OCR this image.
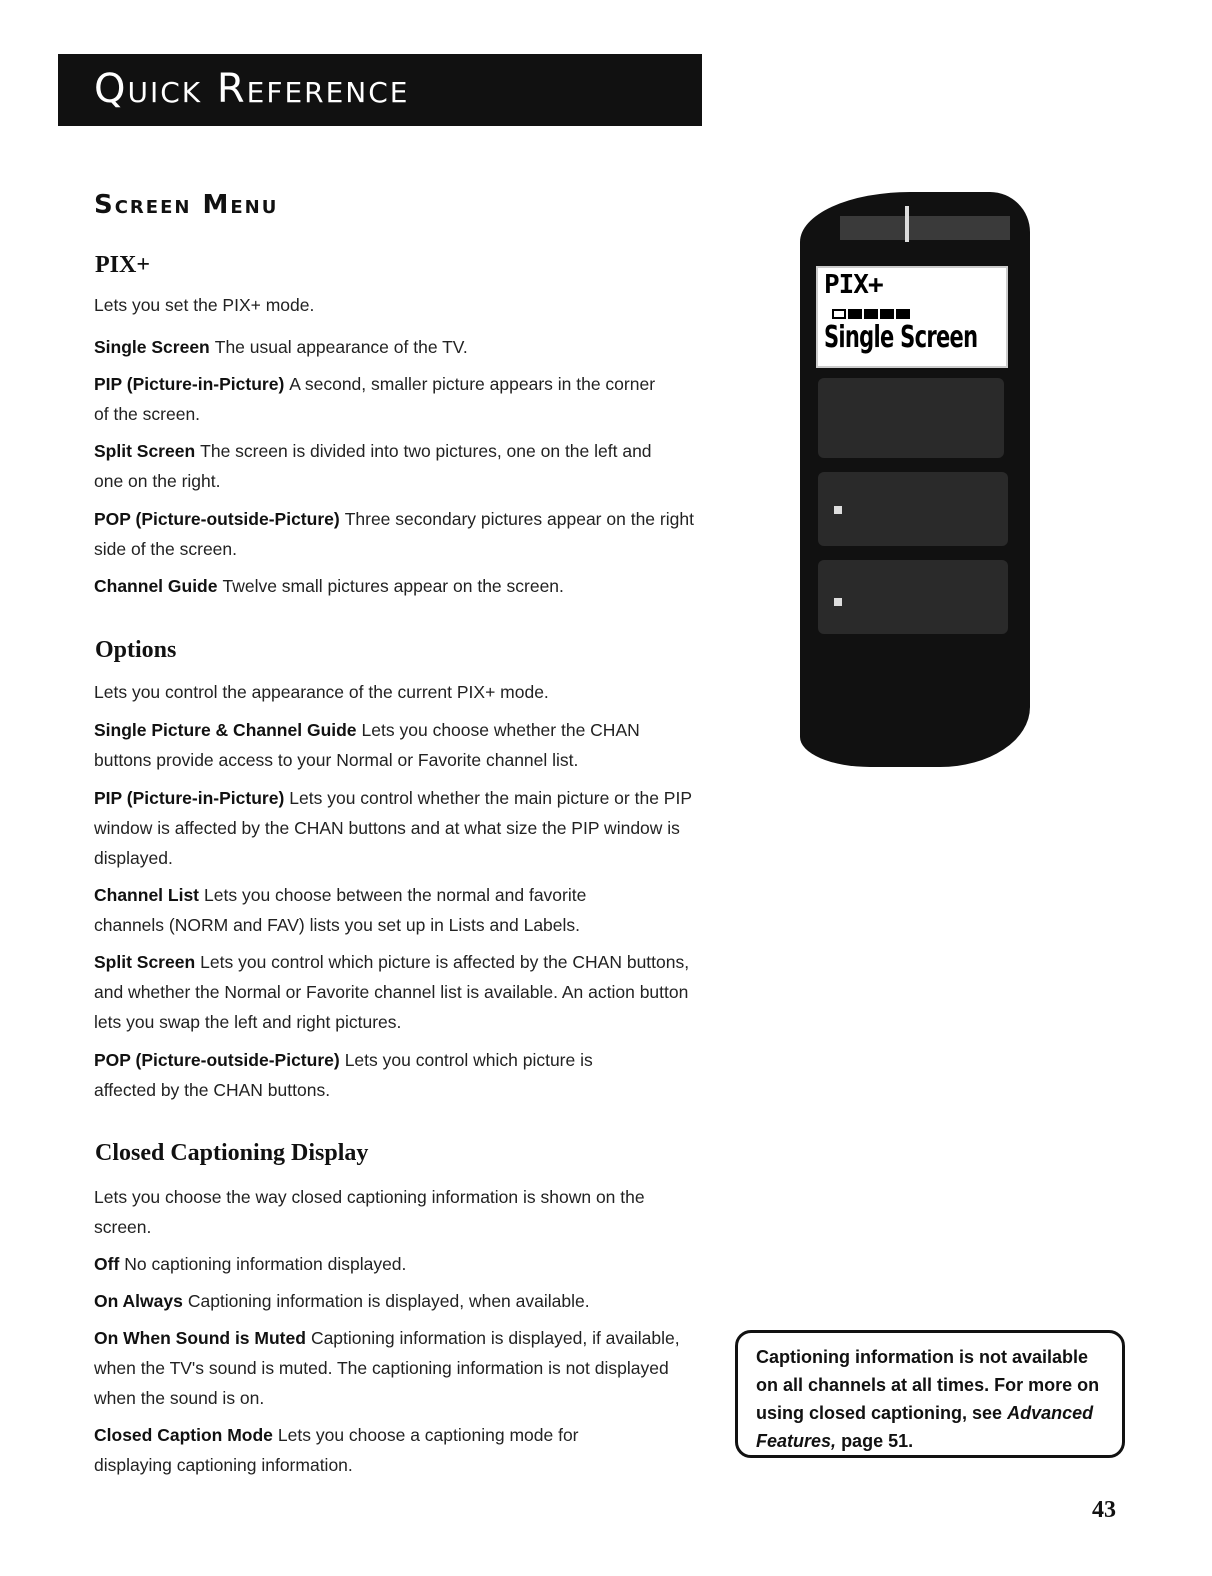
Quick Reference
Screen Menu
PIX+
Lets you set the PIX+ mode.
Single Screen The usual appearance of the TV.
PIP (Picture-in-Picture) A second, smaller picture appears in the corner of the screen.
Split Screen The screen is divided into two pictures, one on the left and one on the right.
POP (Picture-outside-Picture) Three secondary pictures appear on the right side of the screen.
Channel Guide Twelve small pictures appear on the screen.
Options
Lets you control the appearance of the current PIX+ mode.
Single Picture & Channel Guide Lets you choose whether the CHAN buttons provide access to your Normal or Favorite channel list.
PIP (Picture-in-Picture) Lets you control whether the main picture or the PIP window is affected by the CHAN buttons and at what size the PIP window is displayed.
Channel List Lets you choose between the normal and favorite channels (NORM and FAV) lists you set up in Lists and Labels.
Split Screen Lets you control which picture is affected by the CHAN buttons, and whether the Normal or Favorite channel list is available. An action button lets you swap the left and right pictures.
POP (Picture-outside-Picture) Lets you control which picture is affected by the CHAN buttons.
Closed Captioning Display
Lets you choose the way closed captioning information is shown on the screen.
Off No captioning information displayed.
On Always Captioning information is displayed, when available.
On When Sound is Muted Captioning information is displayed, if available, when the TV's sound is muted. The captioning information is not displayed when the sound is on.
Closed Caption Mode Lets you choose a captioning mode for displaying captioning information.
PIX+
Single Screen
Captioning information is not available on all channels at all times. For more on using closed captioning, see Advanced Features, page 51.
43
